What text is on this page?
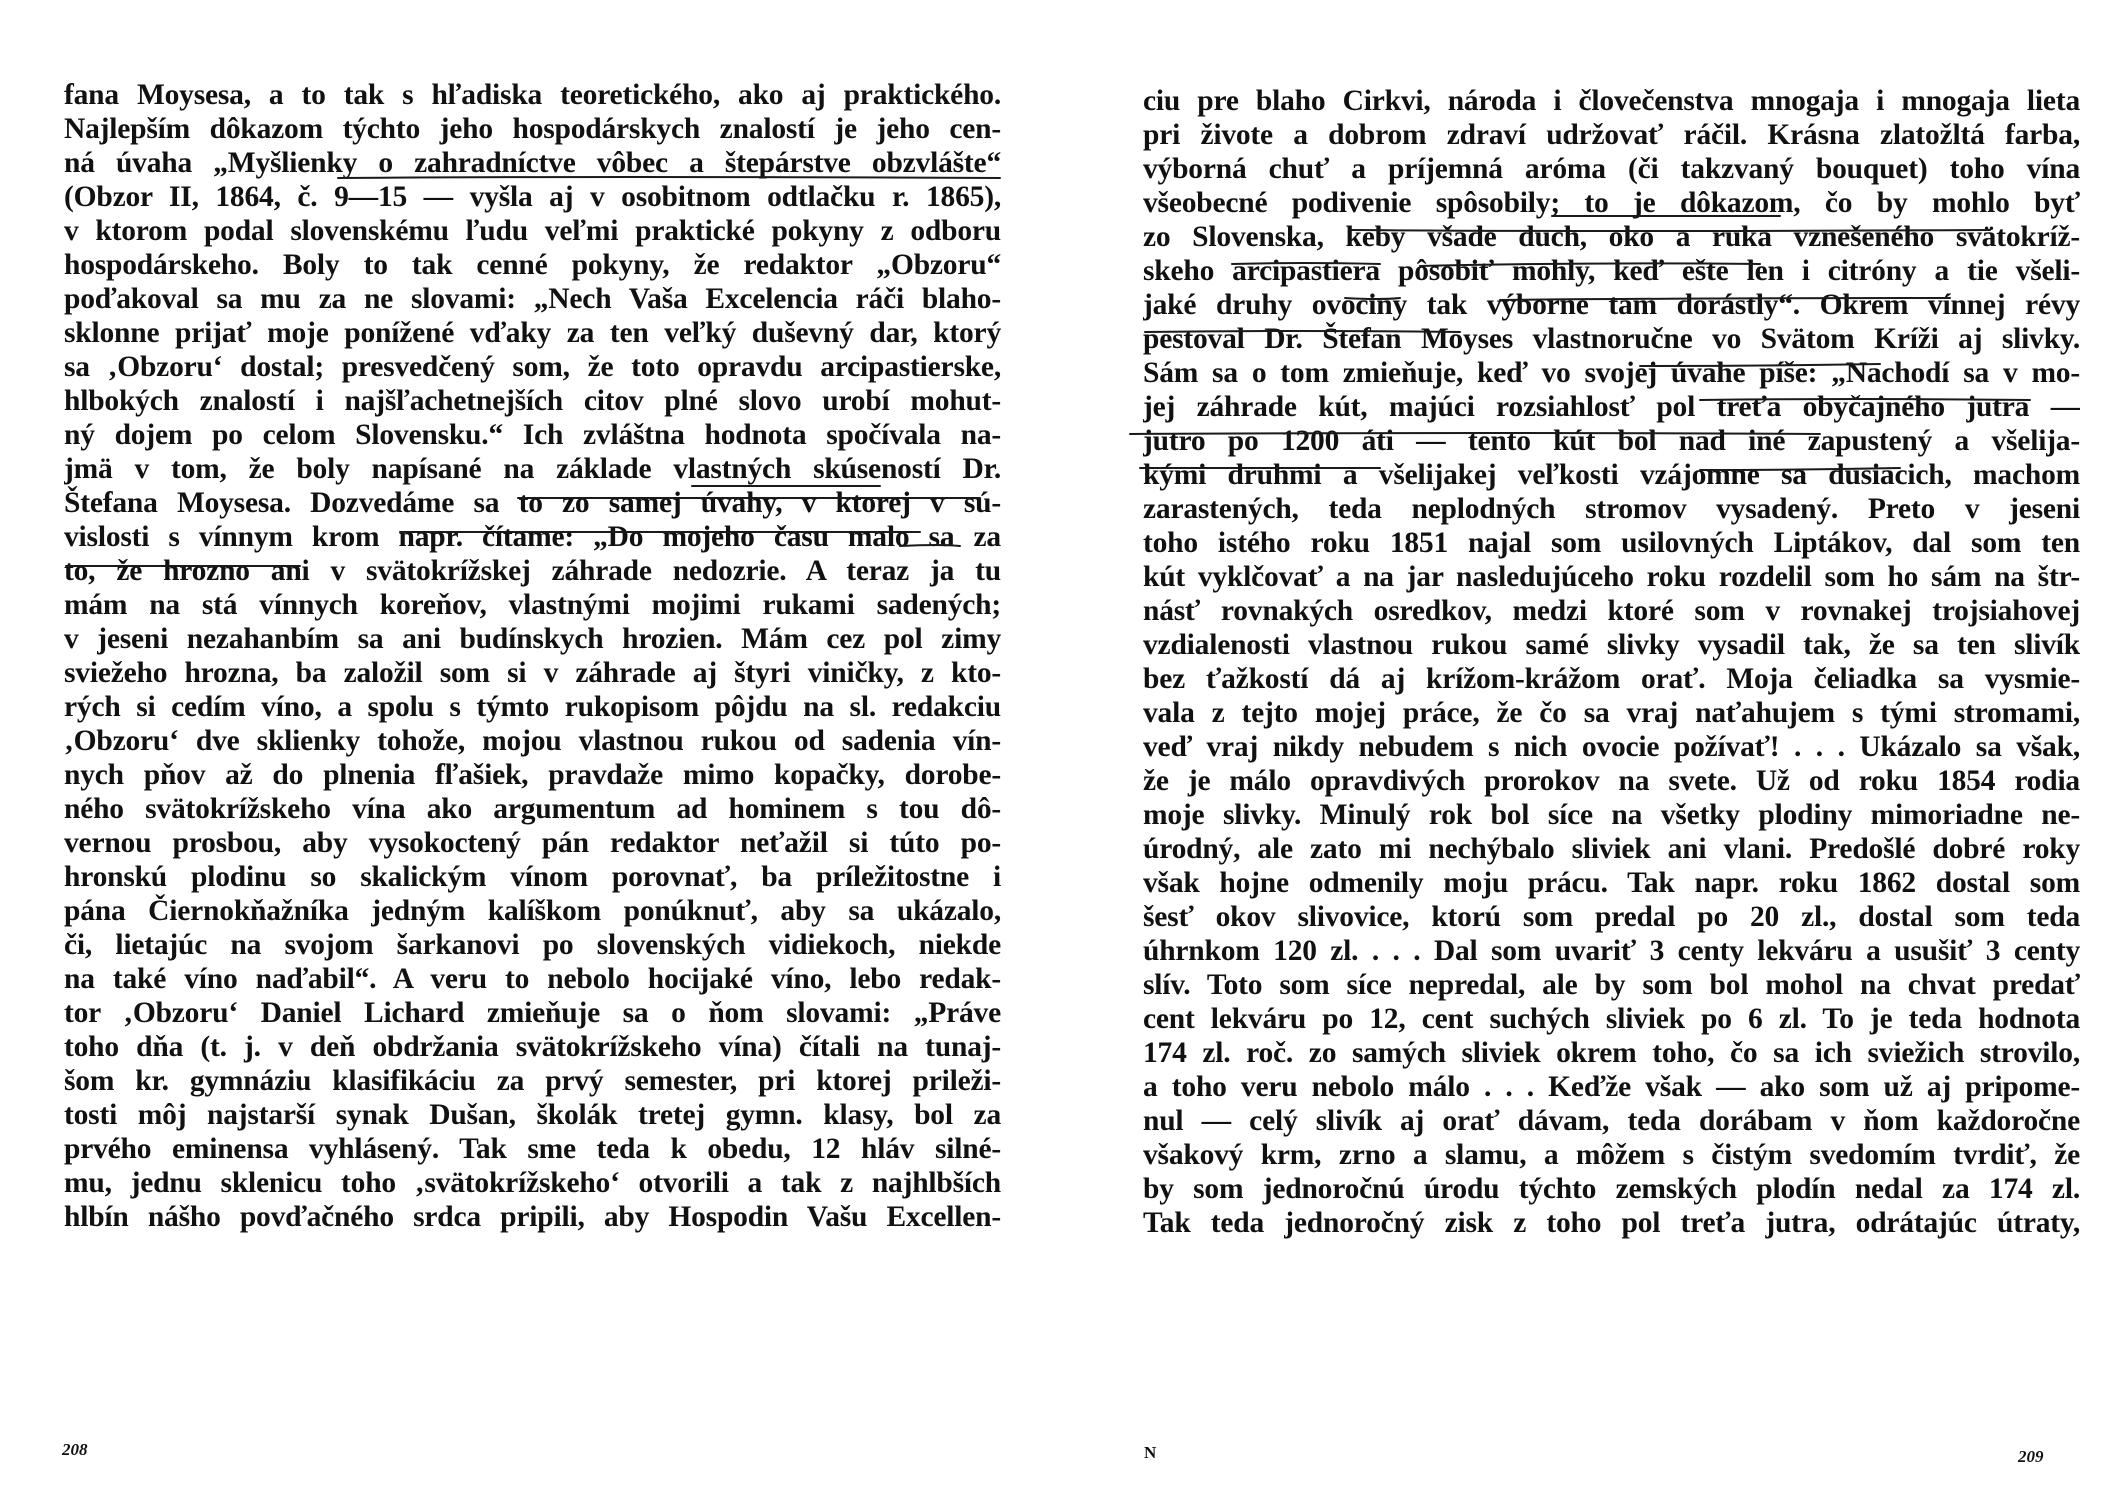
fana Moysesa, a to tak s hľadiska teoretického, ako aj praktického.
Najlepším dôkazom týchto jeho hospodárskych znalostí je jeho cen-
ná úvaha „Myšlienky o zahradníctve vôbec a štepárstve obzvlášte“
(Obzor II, 1864, č. 9—15 — vyšla aj v osobitnom odtlačku r. 1865),
v ktorom podal slovenskému ľudu veľmi praktické pokyny z odboru
hospodárskeho. Boly to tak cenné pokyny, že redaktor „Obzoru“
poďakoval sa mu za ne slovami: „Nech Vaša Excelencia ráči blaho-
sklonne prijať moje ponížené vďaky za ten veľký duševný dar, ktorý
sa ‚Obzoru‘ dostal; presvedčený som, že toto opravdu arcipastierske,
hlbokých znalostí i najšľachetnejších citov plné slovo urobí mohut-
ný dojem po celom Slovensku.“ Ich zvláštna hodnota spočívala na-
jmä v tom, že boly napísané na základe vlastných skúseností Dr.
Štefana Moysesa. Dozvedáme sa to zo samej úvahy, v ktorej v sú-
vislosti s vínnym krom napr. čítame: „Do mojeho času malo sa za
to, že hrozno ani v svätokrížskej záhrade nedozrie. A teraz ja tu
mám na stá vínnych koreňov, vlastnými mojimi rukami sadených;
v jeseni nezahanbím sa ani budínskych hrozien. Mám cez pol zimy
sviežeho hrozna, ba založil som si v záhrade aj štyri viničky, z kto-
rých si cedím víno, a spolu s týmto rukopisom pôjdu na sl. redakciu
‚Obzoru‘ dve sklienky tohože, mojou vlastnou rukou od sadenia vín-
nych pňov až do plnenia fľašiek, pravdaže mimo kopačky, dorobe-
ného svätokrížskeho vína ako argumentum ad hominem s tou dô-
vernou prosbou, aby vysokoctený pán redaktor neťažil si túto po-
hronskú plodinu so skalickým vínom porovnať, ba príležitostne i
pána Čiernokňažníka jedným kalíškom ponúknuť, aby sa ukázalo,
či, lietajúc na svojom šarkanovi po slovenských vidiekoch, niekde
na také víno naďabil“. A veru to nebolo hocijaké víno, lebo redak-
tor ‚Obzoru‘ Daniel Lichard zmieňuje sa o ňom slovami: „Práve
toho dňa (t. j. v deň obdržania svätokrížskeho vína) čítali na tunaj-
šom kr. gymnáziu klasifikáciu za prvý semester, pri ktorej prileži-
tosti môj najstarší synak Dušan, školák tretej gymn. klasy, bol za
prvého eminensa vyhlásený. Tak sme teda k obedu, 12 hláv silné-
mu, jednu sklenicu toho ‚svätokrížskeho‘ otvorili a tak z najhlbších
hlbín nášho povďačného srdca pripili, aby Hospodin Vašu Excellen-
208
ciu pre blaho Cirkvi, národa i človečenstva mnogaja i mnogaja lieta
pri živote a dobrom zdraví udržovať ráčil. Krásna zlatožltá farba,
výborná chuť a príjemná aróma (či takzvaný bouquet) toho vína
všeobecné podivenie spôsobily; to je dôkazom, čo by mohlo byť
zo Slovenska, keby všade duch, oko a ruka vznešeného svätokríž-
skeho arcipastiera pôsobiť mohly, keď ešte len i citróny a tie všeli-
jaké druhy ovociny tak výborne tam dorástly“. Okrem vínnej révy
pestoval Dr. Štefan Moyses vlastnoručne vo Svätom Kríži aj slivky.
Sám sa o tom zmieňuje, keď vo svojej úvahe píše: „Nachodí sa v mo-
jej záhrade kút, majúci rozsiahlosť pol treťa obyčajného jutra —
jutro po 1200 áti — tento kút bol nad iné zapustený a všelija-
kými druhmi a všelijakej veľkosti vzájomne sa dusiacich, machom
zarastených, teda neplodných stromov vysadený. Preto v jeseni
toho istého roku 1851 najal som usilovných Liptákov, dal som ten
kút vyklčovať a na jar nasledujúceho roku rozdelil som ho sám na štr-
násť rovnakých osredkov, medzi ktoré som v rovnakej trojsiahovej
vzdialenosti vlastnou rukou samé slivky vysadil tak, že sa ten slivík
bez ťažkostí dá aj krížom-krážom orať. Moja čeliadka sa vysmie-
vala z tejto mojej práce, že čo sa vraj naťahujem s tými stromami,
veď vraj nikdy nebudem s nich ovocie požívať! . . . Ukázalo sa však,
že je málo opravdivých prorokov na svete. Už od roku 1854 rodia
moje slivky. Minulý rok bol síce na všetky plodiny mimoriadne ne-
úrodný, ale zato mi nechýbalo sliviek ani vlani. Predošlé dobré roky
však hojne odmenily moju prácu. Tak napr. roku 1862 dostal som
šesť okov slivovice, ktorú som predal po 20 zl., dostal som teda
úhrnkom 120 zl. . . . Dal som uvariť 3 centy lekváru a usušiť 3 centy
slív. Toto som síce nepredal, ale by som bol mohol na chvat predať
cent lekváru po 12, cent suchých sliviek po 6 zl. To je teda hodnota
174 zl. roč. zo samých sliviek okrem toho, čo sa ich sviežich strovilo,
a toho veru nebolo málo . . . Keďže však — ako som už aj pripome-
nul — celý slivík aj orať dávam, teda dorábam v ňom každoročne
všakový krm, zrno a slamu, a môžem s čistým svedomím tvrdiť, že
by som jednoročnú úrodu týchto zemských plodín nedal za 174 zl.
Tak teda jednoročný zisk z toho pol treťa jutra, odrátajúc útraty,
N	209
